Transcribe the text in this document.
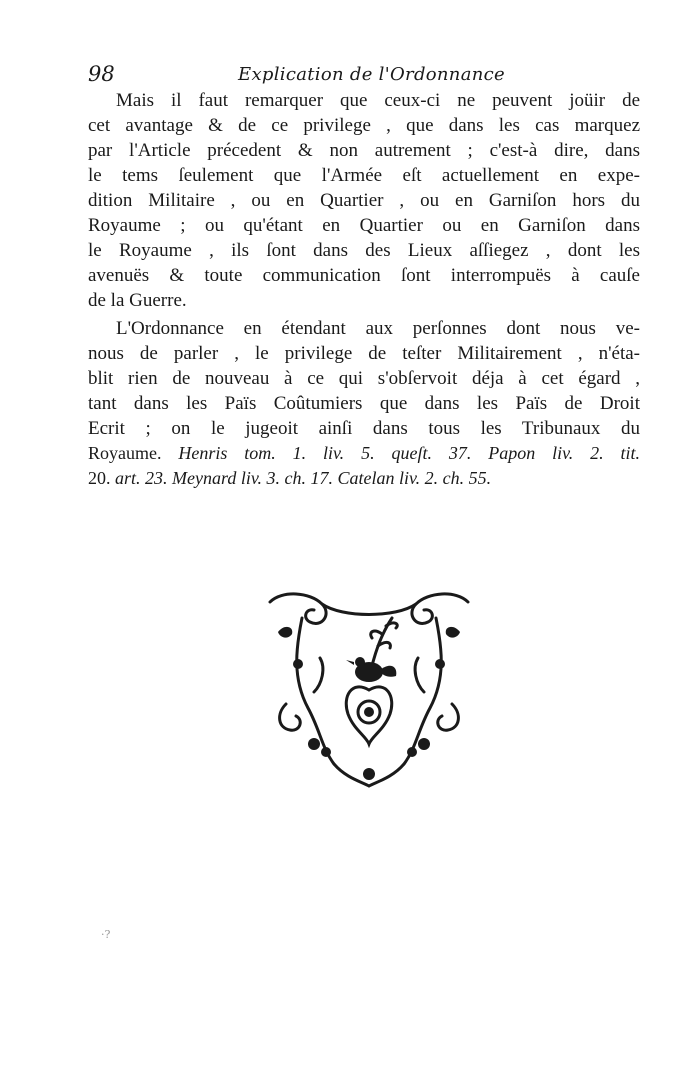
98	Explication de l'Ordonnance
Mais il faut remarquer que ceux-ci ne peuvent joüir de
cet avantage & de ce privilege , que dans les cas marquez
par l'Article précedent & non autrement ; c'est-à dire, dans
le tems ſeulement que l'Armée eſt actuellement en expe-
dition Militaire , ou en Quartier , ou en Garniſon hors du
Royaume ; ou qu'étant en Quartier ou en Garniſon dans
le Royaume , ils ſont dans des Lieux aſſiegez , dont les
avenuës & toute communication ſont interrompuës à cauſe
de la Guerre.
L'Ordonnance en étendant aux perſonnes dont nous ve-
nous de parler , le privilege de teſter Militairement , n'éta-
blit rien de nouveau à ce qui s'obſervoit déja à cet égard ,
tant dans les Païs Coûtumiers que dans les Païs de Droit
Ecrit ; on le jugeoit ainſi dans tous les Tribunaux du
Royaume. Henris tom. 1. liv. 5. queſt. 37. Papon liv. 2. tit.
20. art. 23. Meynard liv. 3. ch. 17. Catelan liv. 2. ch. 55.
·?
